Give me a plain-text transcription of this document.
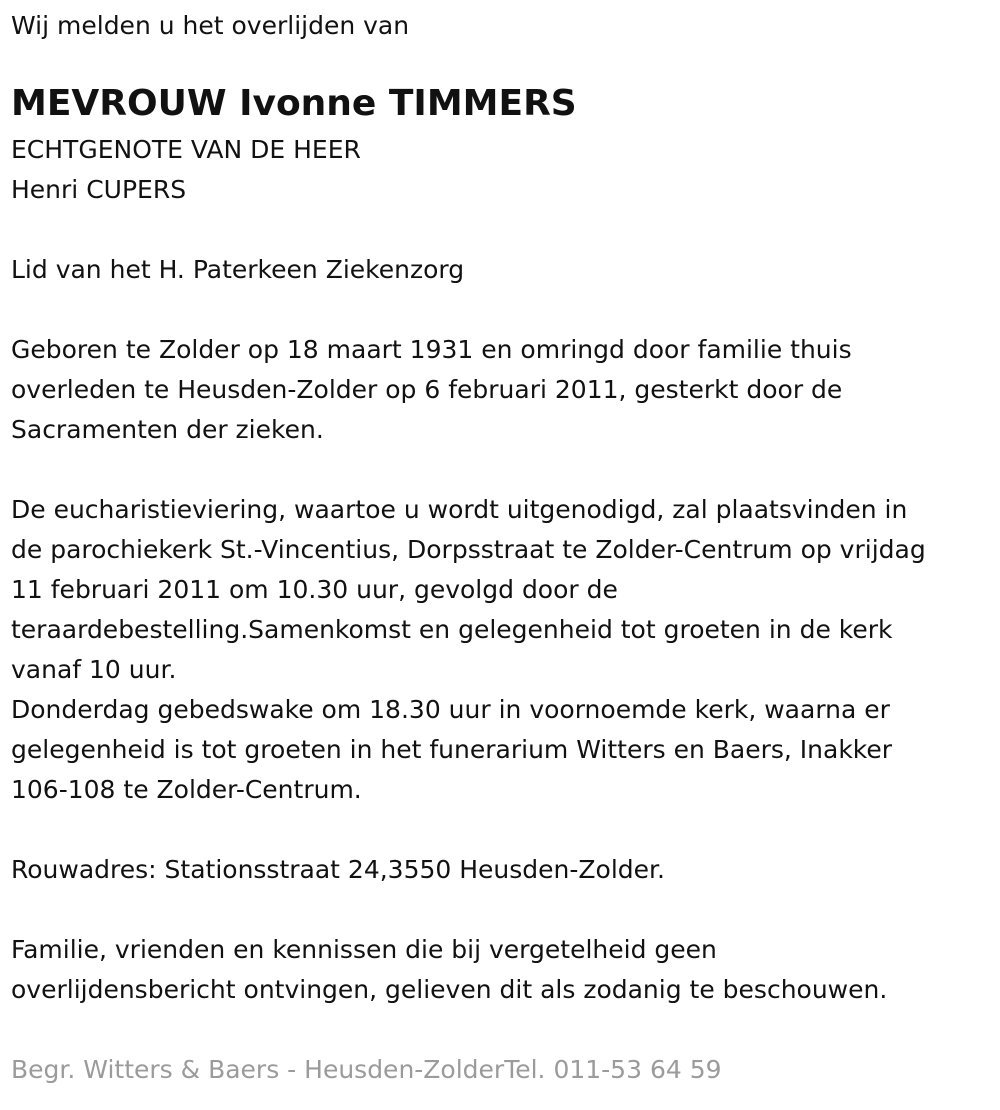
Wij melden u het overlijden van
MEVROUW Ivonne TIMMERS
ECHTGENOTE VAN DE HEER
Henri CUPERS
Lid van het H. Paterkeen Ziekenzorg
Geboren te Zolder op 18 maart 1931 en omringd door familie thuis
overleden te Heusden-Zolder op 6 februari 2011, gesterkt door de
Sacramenten der zieken.
De eucharistieviering, waartoe u wordt uitgenodigd, zal plaatsvinden in
de parochiekerk St.-Vincentius, Dorpsstraat te Zolder-Centrum op vrijdag
11 februari 2011 om 10.30 uur, gevolgd door de
teraardebestelling.Samenkomst en gelegenheid tot groeten in de kerk
vanaf 10 uur.
Donderdag gebedswake om 18.30 uur in voornoemde kerk, waarna er
gelegenheid is tot groeten in het funerarium Witters en Baers, Inakker
106-108 te Zolder-Centrum.
Rouwadres: Stationsstraat 24,3550 Heusden-Zolder.
Familie, vrienden en kennissen die bij vergetelheid geen
overlijdensbericht ontvingen, gelieven dit als zodanig te beschouwen.
Begr. Witters & Baers - Heusden-ZolderTel. 011-53 64 59
